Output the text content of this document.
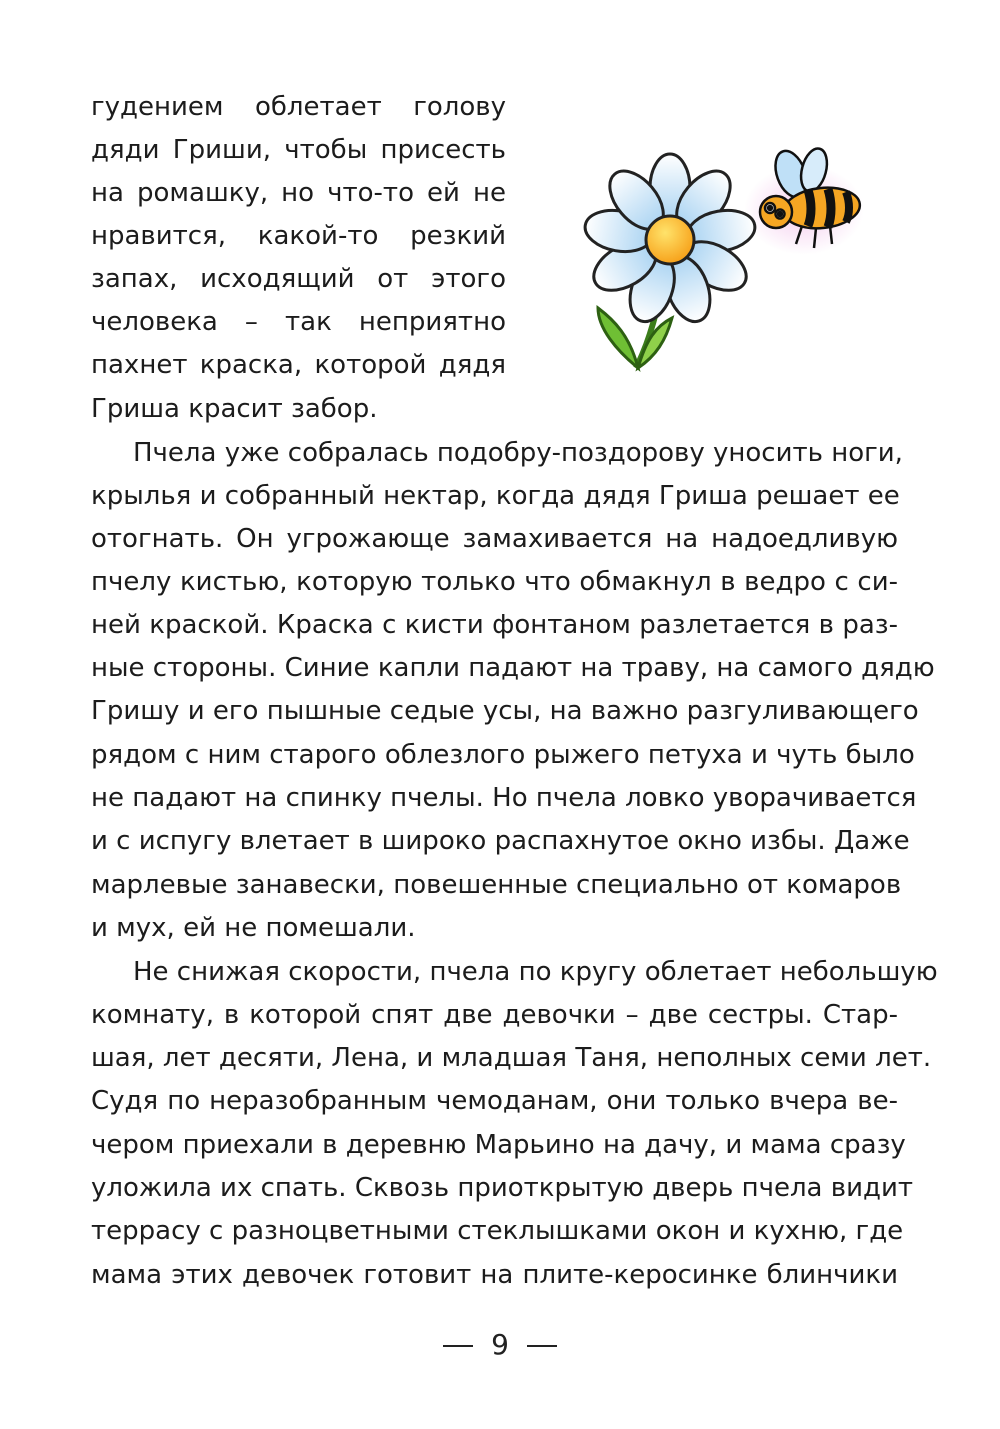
гудением облетает голову
дяди Гриши, чтобы присесть
на ромашку, но что-то ей не
нравится, какой-то резкий
запах, исходящий от этого
человека – так неприятно
пахнет краска, которой дядя
Гриша красит забор.
Пчела уже собралась подобру-поздорову уносить ноги,
крылья и собранный нектар, когда дядя Гриша решает ее
отогнать. Он угрожающе замахивается на надоедливую
пчелу кистью, которую только что обмакнул в ведро с си-
ней краской. Краска с кисти фонтаном разлетается в раз-
ные стороны. Синие капли падают на траву, на самого дядю
Гришу и его пышные седые усы, на важно разгуливающего
рядом с ним старого облезлого рыжего петуха и чуть было
не падают на спинку пчелы. Но пчела ловко уворачивается
и с испугу влетает в широко распахнутое окно избы. Даже
марлевые занавески, повешенные специально от комаров
и мух, ей не помешали.
Не снижая скорости, пчела по кругу облетает небольшую
комнату, в которой спят две девочки – две сестры. Стар-
шая, лет десяти, Лена, и младшая Таня, неполных семи лет.
Судя по неразобранным чемоданам, они только вчера ве-
чером приехали в деревню Марьино на дачу, и мама сразу
уложила их спать. Сквозь приоткрытую дверь пчела видит
террасу с разноцветными стеклышками окон и кухню, где
мама этих девочек готовит на плите-керосинке блинчики
9
